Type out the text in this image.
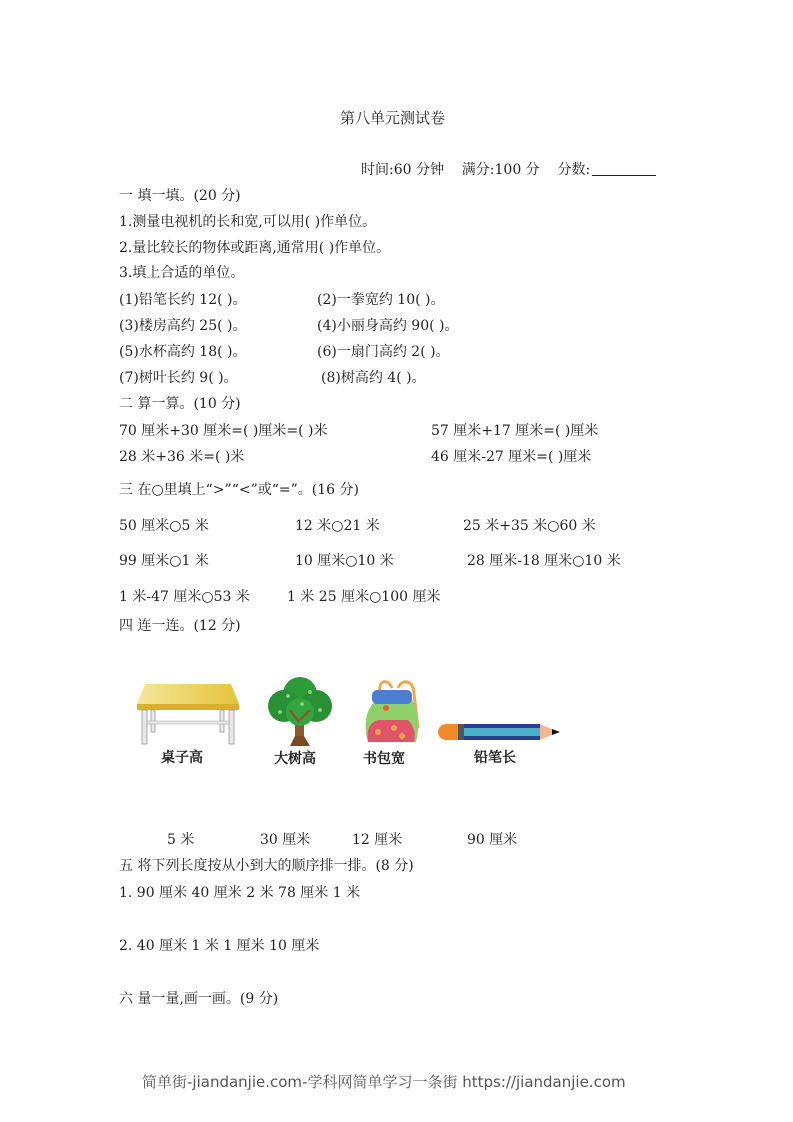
第八单元测试卷
时间:60 分钟 满分:100 分 分数:
一 填一填。(20 分)
1.测量电视机的长和宽,可以用( )作单位。
2.量比较长的物体或距离,通常用( )作单位。
3.填上合适的单位。
(1)铅笔长约 12( )。	(2)一拳宽约 10( )。
(3)楼房高约 25( )。	(4)小丽身高约 90( )。
(5)水杯高约 18( )。	(6)一扇门高约 2( )。
(7)树叶长约 9( )。	(8)树高约 4( )。
二 算一算。(10 分)
70 厘米+30 厘米=( )厘米=( )米	57 厘米+17 厘米=( )厘米
28 米+36 米=( )米	46 厘米-27 厘米=( )厘米
三 在○里填上“>”“<”或“=”。(16 分)
50 厘米○5 米	12 米○21 米	25 米+35 米○60 米
99 厘米○1 米	10 厘米○10 米	28 厘米-18 厘米○10 米
1 米-47 厘米○53 米	1 米 25 厘米○100 厘米
四 连一连。(12 分)
桌子高	大树高	书包宽	铅笔长
5 米	30 厘米	12 厘米	90 厘米
五 将下列长度按从小到大的顺序排一排。(8 分)
1. 90 厘米 40 厘米 2 米 78 厘米 1 米
2. 40 厘米 1 米 1 厘米 10 厘米
六 量一量,画一画。(9 分)
简单街-jiandanjie.com-学科网简单学习一条街 https://jiandanjie.com
